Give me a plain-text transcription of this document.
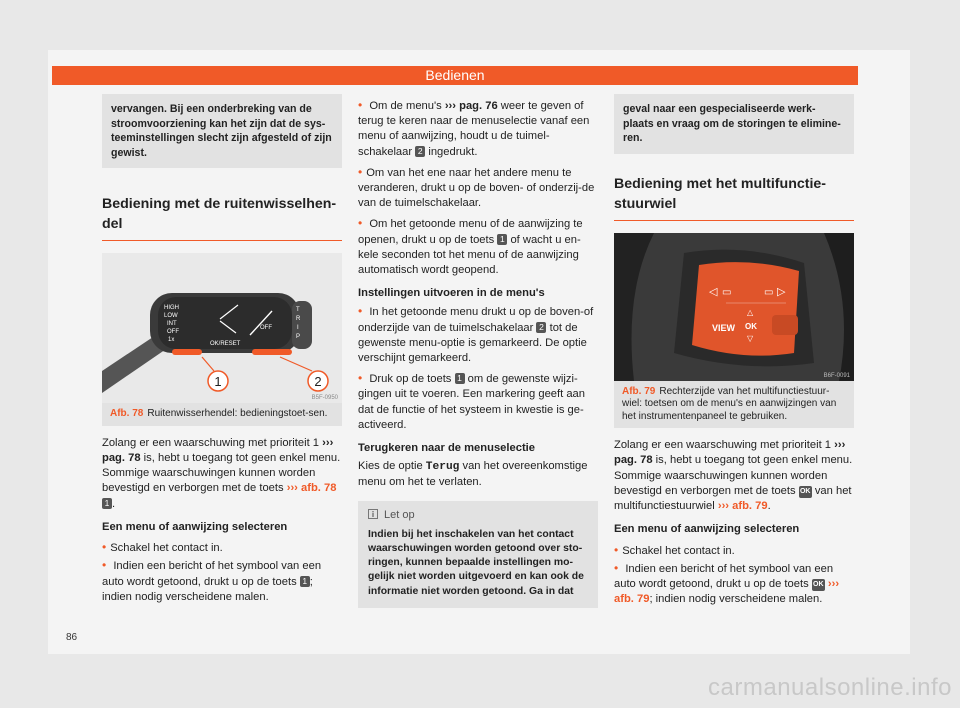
Bedienen
vervangen. Bij een onderbreking van de stroomvoorziening kan het zijn dat de sys-teeminstellingen slecht zijn afgesteld of zijn gewist.
Bediening met de ruitenwisselhen-del
HIGH
LOW
INT
OFF
1x
OK/RESET
OFF
T
R
I
P
1	2
B5F-0950
Afb. 78 Ruitenwisserhendel: bedieningstoet-sen.

Zolang er een waarschuwing met prioriteit 1 ››› pag. 78 is, hebt u toegang tot geen enkel menu. Sommige waarschuwingen kunnen worden bevestigd en verborgen met de toets ››› afb. 78 1 .

Een menu of aanwijzing selecteren

• Schakel het contact in.

• Indien een bericht of het symbool van een auto wordt getoond, drukt u op de toets 1 ; indien nodig verscheidene malen.

• Om de menu's ››› pag. 76 weer te geven of terug te keren naar de menuselectie vanaf een menu of aanwijzing, houdt u de tuimel-schakelaar 2 ingedrukt.

• Om van het ene naar het andere menu te veranderen, drukt u op de boven- of onderzij-de van de tuimelschakelaar.

• Om het getoonde menu of de aanwijzing te openen, drukt u op de toets 1 of wacht u en-kele seconden tot het menu of de aanwijzing automatisch wordt geopend.

Instellingen uitvoeren in de menu's

• In het getoonde menu drukt u op de boven-of onderzijde van de tuimelschakelaar 2 tot de gewenste menu-optie is gemarkeerd. De optie verschijnt gemarkeerd.

• Druk op de toets 1 om de gewenste wijzi-gingen uit te voeren. Een markering geeft aan dat de functie of het systeem in kwestie is ge-activeerd.

Terugkeren naar de menuselectie

Kies de optie Terug van het overeenkomstige menu om het te verlaten.

Let op
Indien bij het inschakelen van het contact waarschuwingen worden getoond over sto-ringen, kunnen bepaalde instellingen mo-gelijk niet worden uitgevoerd en kan ook de informatie niet worden getoond. Ga in dat
geval naar een gespecialiseerde werk-plaats en vraag om de storingen te elimine-ren.
Bediening met het multifunctie-stuurwiel
◁ ▭	▭ ▷
VIEW
△
OK
▽
B6F-0091
Afb. 79 Rechterzijde van het multifunctiestuur-wiel: toetsen om de menu's en aanwijzingen van het instrumentenpaneel te gebruiken.

Zolang er een waarschuwing met prioriteit 1 ››› pag. 78 is, hebt u toegang tot geen enkel menu. Sommige waarschuwingen kunnen worden bevestigd en verborgen met de toets OK van het multifunctiestuurwiel ››› afb. 79.

Een menu of aanwijzing selecteren

• Schakel het contact in.

• Indien een bericht of het symbool van een auto wordt getoond, drukt u op de toets OK ››› afb. 79; indien nodig verscheidene malen.

86
carmanualsonline.info
